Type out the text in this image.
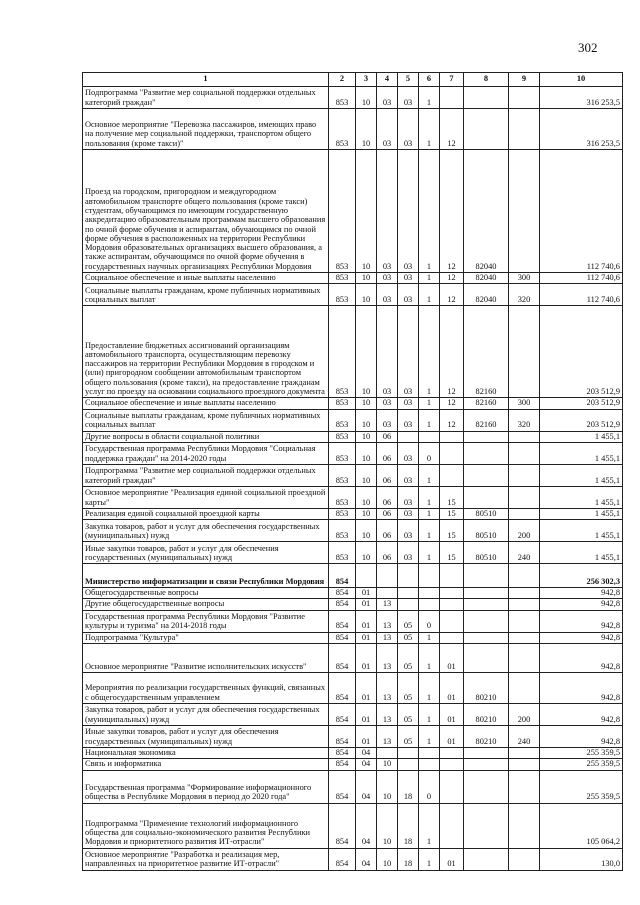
302
1	2	3	4	5	6	7	8	9	10
Подпрограмма "Развитие мер социальной поддержки отдельных категорий граждан"	853	10	03	03	1				316 253,5
Основное мероприятие "Перевозка пассажиров, имеющих право на получение мер социальной поддержки, транспортом общего пользования (кроме такси)"	853	10	03	03	1	12			316 253,5
Проезд на городском, пригородном и междугородном автомобильном транспорте общего пользования (кроме такси) студентам, обучающимся по имеющим государственную аккредитацию образовательным программам высшего образования по очной форме обучения и аспирантам, обучающимся по очной форме обучения в расположенных на территории Республики Мордовия образовательных организациях высшего образования, а также аспирантам, обучающимся по очной форме обучения в государственных научных организациях Республики Мордовия	853	10	03	03	1	12	82040		112 740,6
Социальное обеспечение и иные выплаты населению	853	10	03	03	1	12	82040	300	112 740,6
Социальные выплаты гражданам, кроме публичных нормативных социальных выплат	853	10	03	03	1	12	82040	320	112 740,6
Предоставление бюджетных ассигнований организациям автомобильного транспорта, осуществляющим перевозку пассажиров на территории Республики Мордовия в городском и (или) пригородном сообщении автомобильным транспортом общего пользования (кроме такси), на предоставление гражданам услуг по проезду на основании социального проездного документа	853	10	03	03	1	12	82160		203 512,9
Социальное обеспечение и иные выплаты населению	853	10	03	03	1	12	82160	300	203 512,9
Социальные выплаты гражданам, кроме публичных нормативных социальных выплат	853	10	03	03	1	12	82160	320	203 512,9
Другие вопросы в области социальной политики	853	10	06						1 455,1
Государственная программа Республики Мордовия "Социальная поддержка граждан" на 2014-2020 годы	853	10	06	03	0				1 455,1
Подпрограмма "Развитие мер социальной поддержки отдельных категорий граждан"	853	10	06	03	1				1 455,1
Основное мероприятие "Реализация единой социальной проездной карты"	853	10	06	03	1	15			1 455,1
Реализация единой социальной проездной карты	853	10	06	03	1	15	80510		1 455,1
Закупка товаров, работ и услуг для обеспечения государственных (муниципальных) нужд	853	10	06	03	1	15	80510	200	1 455,1
Иные закупки товаров, работ и услуг для обеспечения государственных (муниципальных) нужд	853	10	06	03	1	15	80510	240	1 455,1
Министерство информатизации и связи Республики Мордовия	854								256 302,3
Общегосударственные вопросы	854	01							942,8
Другие общегосударственные вопросы	854	01	13						942,8
Государственная программа Республики Мордовия "Развитие культуры и туризма" на 2014-2018 годы	854	01	13	05	0				942,8
Подпрограмма "Культура"	854	01	13	05	1				942,8
Основное мероприятие "Развитие исполнительских искусств"	854	01	13	05	1	01			942,8
Мероприятия по реализации государственных функций, связанных с общегосударственным управлением	854	01	13	05	1	01	80210		942,8
Закупка товаров, работ и услуг для обеспечения государственных (муниципальных) нужд	854	01	13	05	1	01	80210	200	942,8
Иные закупки товаров, работ и услуг для обеспечения государственных (муниципальных) нужд	854	01	13	05	1	01	80210	240	942,8
Национальная экономика	854	04							255 359,5
Связь и информатика	854	04	10						255 359,5
Государственная программа "Формирование информационного общества в Республике Мордовия в период до 2020 года"	854	04	10	18	0				255 359,5
Подпрограмма "Применение технологий информационного общества для социально-экономического развития Республики Мордовия и приоритетного развития ИТ-отрасли"	854	04	10	18	1				105 064,2
Основное мероприятие "Разработка и реализация мер, направленных на приоритетное развитие ИТ-отрасли"	854	04	10	18	1	01			130,0
